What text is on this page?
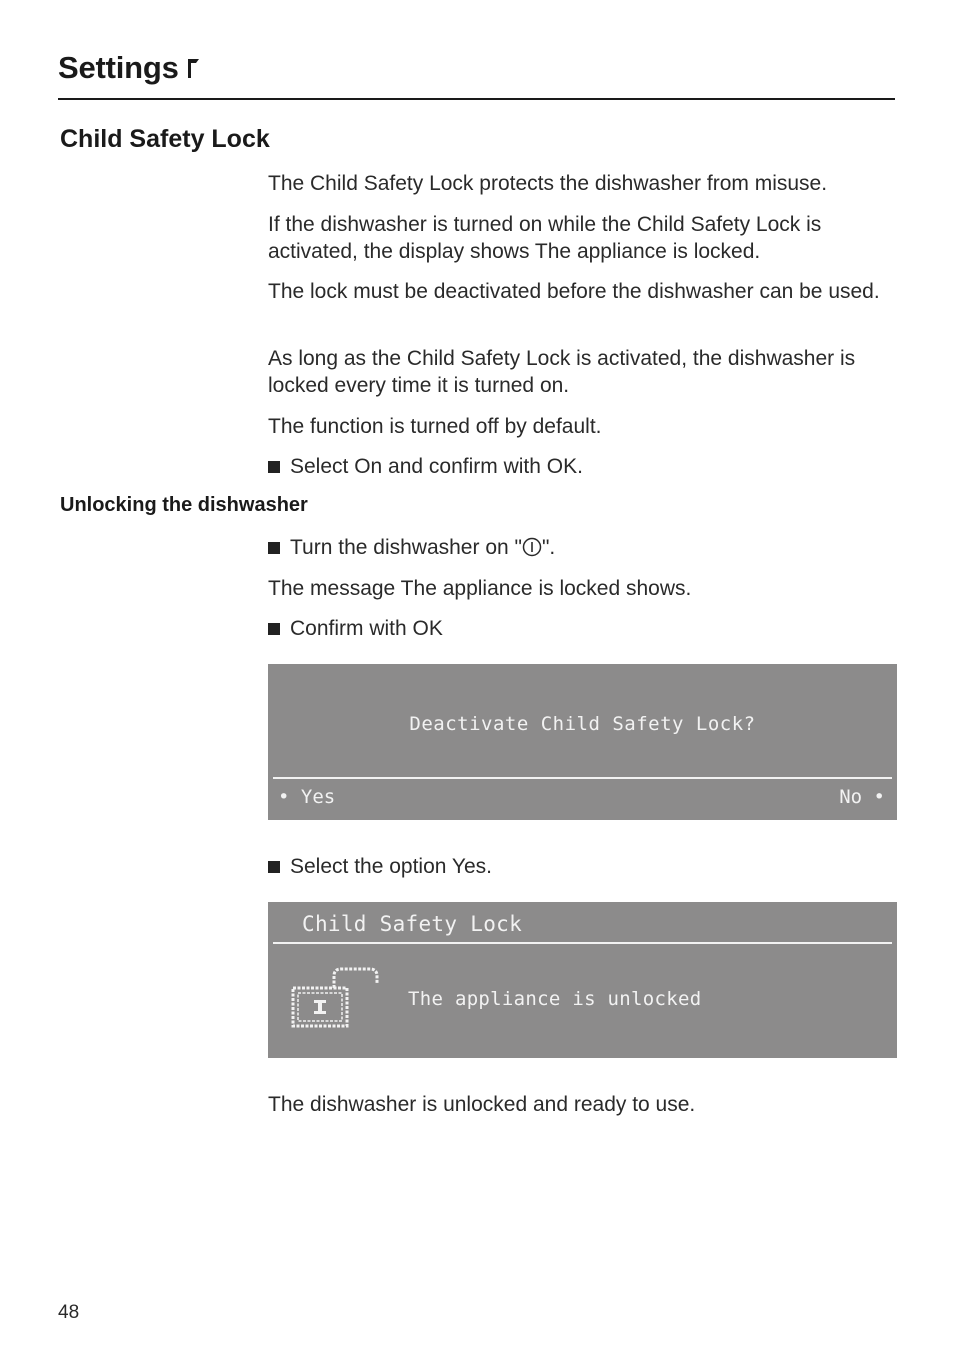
Settings
Child Safety Lock
The Child Safety Lock protects the dishwasher from misuse.
If the dishwasher is turned on while the Child Safety Lock is activated, the display shows The appliance is locked.
The lock must be deactivated before the dishwasher can be used.
As long as the Child Safety Lock is activated, the dishwasher is locked every time it is turned on.
The function is turned off by default.
Select On and confirm with OK.
Unlocking the dishwasher
Turn the dishwasher on " ".
The message The appliance is locked shows.
Confirm with OK
Deactivate Child Safety Lock?
• Yes	No •
Select the option Yes.
Child Safety Lock
The appliance is unlocked
The dishwasher is unlocked and ready to use.
48
